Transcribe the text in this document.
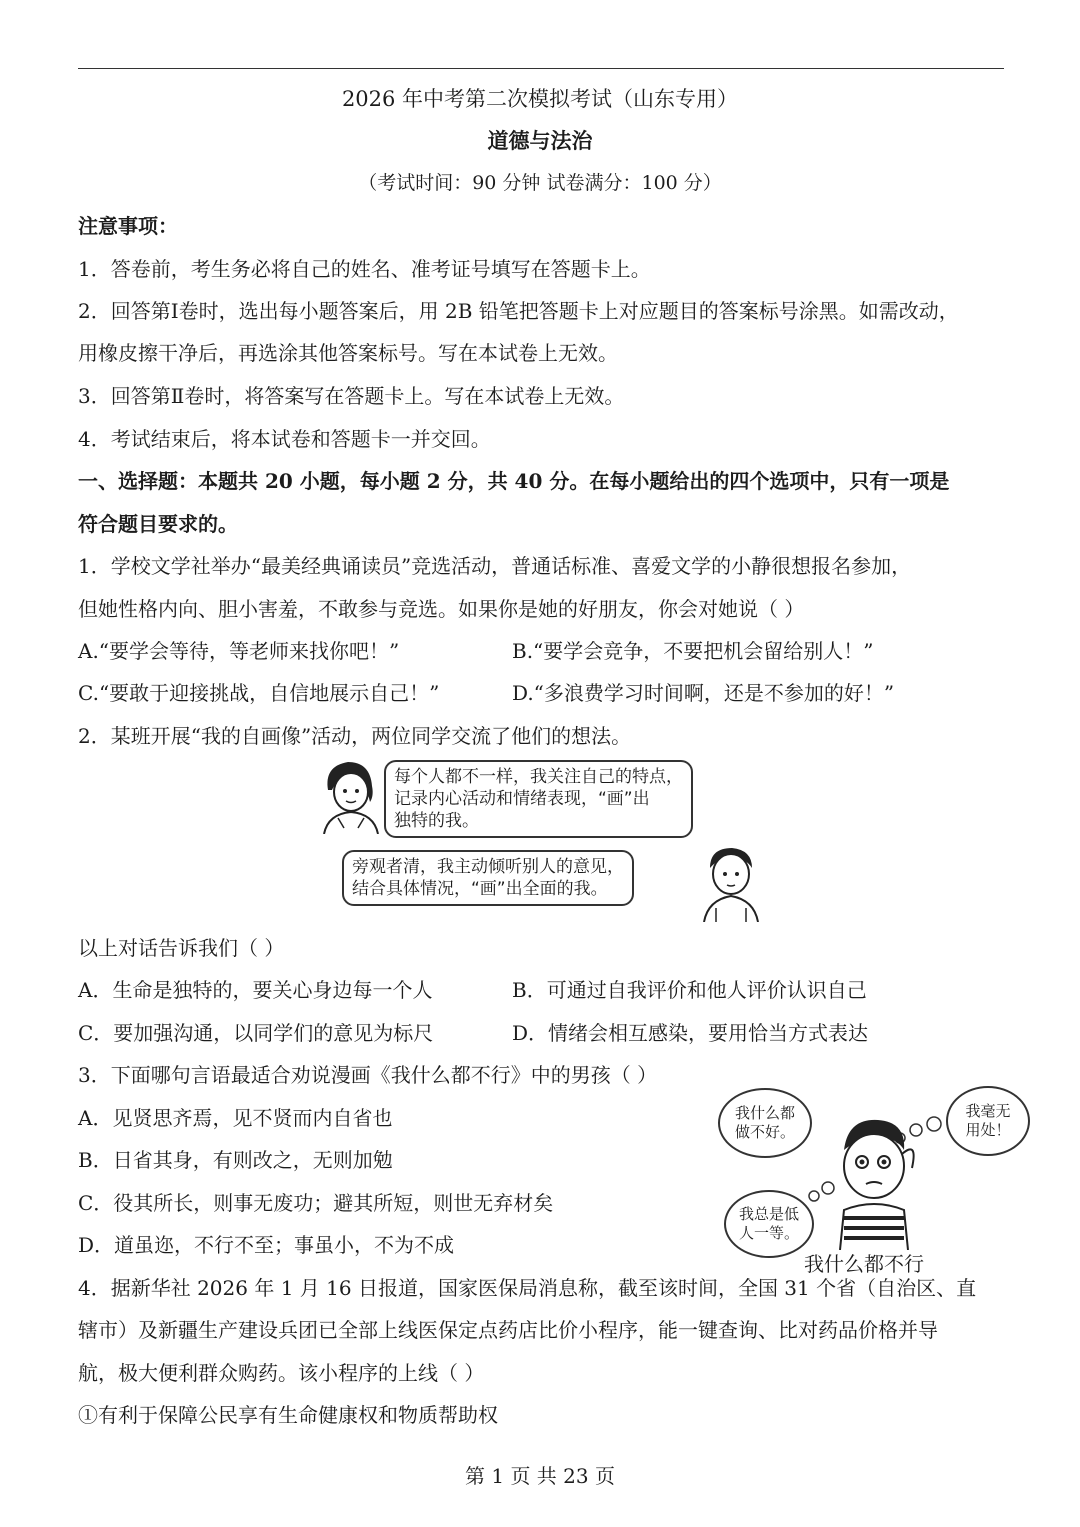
2026 年中考第二次模拟考试（山东专用）
道德与法治
（考试时间：90 分钟 试卷满分：100 分）
注意事项：
1．答卷前，考生务必将自己的姓名、准考证号填写在答题卡上。
2．回答第Ⅰ卷时，选出每小题答案后，用 2B 铅笔把答题卡上对应题目的答案标号涂黑。如需改动，
用橡皮擦干净后，再选涂其他答案标号。写在本试卷上无效。
3．回答第Ⅱ卷时，将答案写在答题卡上。写在本试卷上无效。
4．考试结束后，将本试卷和答题卡一并交回。
一、选择题：本题共 20 小题，每小题 2 分，共 40 分。在每小题给出的四个选项中，只有一项是
符合题目要求的。
1．学校文学社举办“最美经典诵读员”竞选活动，普通话标准、喜爱文学的小静很想报名参加，
但她性格内向、胆小害羞，不敢参与竞选。如果你是她的好朋友，你会对她说（ ）
A.“要学会等待，等老师来找你吧！”	B.“要学会竞争，不要把机会留给别人！”
C.“要敢于迎接挑战，自信地展示自己！”	D.“多浪费学习时间啊，还是不参加的好！”
2．某班开展“我的自画像”活动，两位同学交流了他们的想法。
每个人都不一样，我关注自己的特点，
记录内心活动和情绪表现，“画”出
独特的我。
旁观者清，我主动倾听别人的意见，
结合具体情况，“画”出全面的我。
以上对话告诉我们（ ）
A．生命是独特的，要关心身边每一个人	B．可通过自我评价和他人评价认识自己
C．要加强沟通，以同学们的意见为标尺	D．情绪会相互感染，要用恰当方式表达
3．下面哪句言语最适合劝说漫画《我什么都不行》中的男孩（ ）
A．见贤思齐焉，见不贤而内自省也
B．日省其身，有则改之，无则加勉
C．役其所长，则事无废功；避其所短，则世无弃材矣
D．道虽迩，不行不至；事虽小，不为不成
我什么都做不好。
我毫无用处！
我总是低人一等。
我什么都不行
4．据新华社 2026 年 1 月 16 日报道，国家医保局消息称，截至该时间，全国 31 个省（自治区、直
辖市）及新疆生产建设兵团已全部上线医保定点药店比价小程序，能一键查询、比对药品价格并导
航，极大便利群众购药。该小程序的上线（ ）
①有利于保障公民享有生命健康权和物质帮助权
第 1 页 共 23 页
